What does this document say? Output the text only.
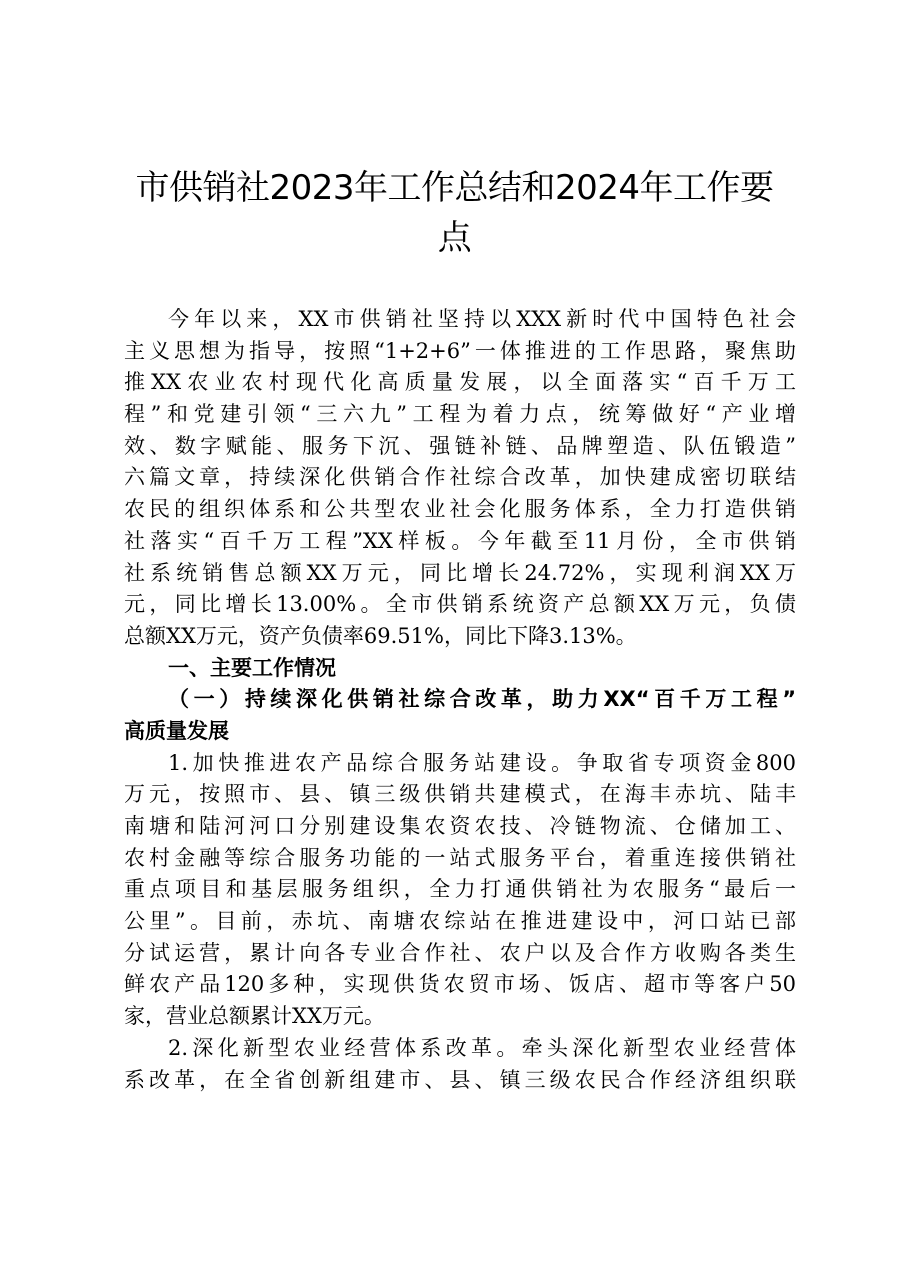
市供销社2023年工作总结和2024年工作要
点
今年以来，XX市供销社坚持以XXX新时代中国特色社会
主义思想为指导，按照“1+2+6”一体推进的工作思路，聚焦助
推XX农业农村现代化高质量发展，以全面落实“百千万工
程”和党建引领“三六九”工程为着力点，统筹做好“产业增
效、数字赋能、服务下沉、强链补链、品牌塑造、队伍锻造”
六篇文章，持续深化供销合作社综合改革，加快建成密切联结
农民的组织体系和公共型农业社会化服务体系，全力打造供销
社落实“百千万工程”XX样板。今年截至11月份，全市供销
社系统销售总额XX万元，同比增长24.72%，实现利润XX万
元，同比增长13.00%。全市供销系统资产总额XX万元，负债
总额XX万元，资产负债率69.51%，同比下降3.13%。
一、主要工作情况
（一）持续深化供销社综合改革，助力XX“百千万工程”
高质量发展
1.加快推进农产品综合服务站建设。争取省专项资金800
万元，按照市、县、镇三级供销共建模式，在海丰赤坑、陆丰
南塘和陆河河口分别建设集农资农技、冷链物流、仓储加工、
农村金融等综合服务功能的一站式服务平台，着重连接供销社
重点项目和基层服务组织，全力打通供销社为农服务“最后一
公里”。目前，赤坑、南塘农综站在推进建设中，河口站已部
分试运营，累计向各专业合作社、农户以及合作方收购各类生
鲜农产品120多种，实现供货农贸市场、饭店、超市等客户50
家，营业总额累计XX万元。
2.深化新型农业经营体系改革。牵头深化新型农业经营体
系改革，在全省创新组建市、县、镇三级农民合作经济组织联
